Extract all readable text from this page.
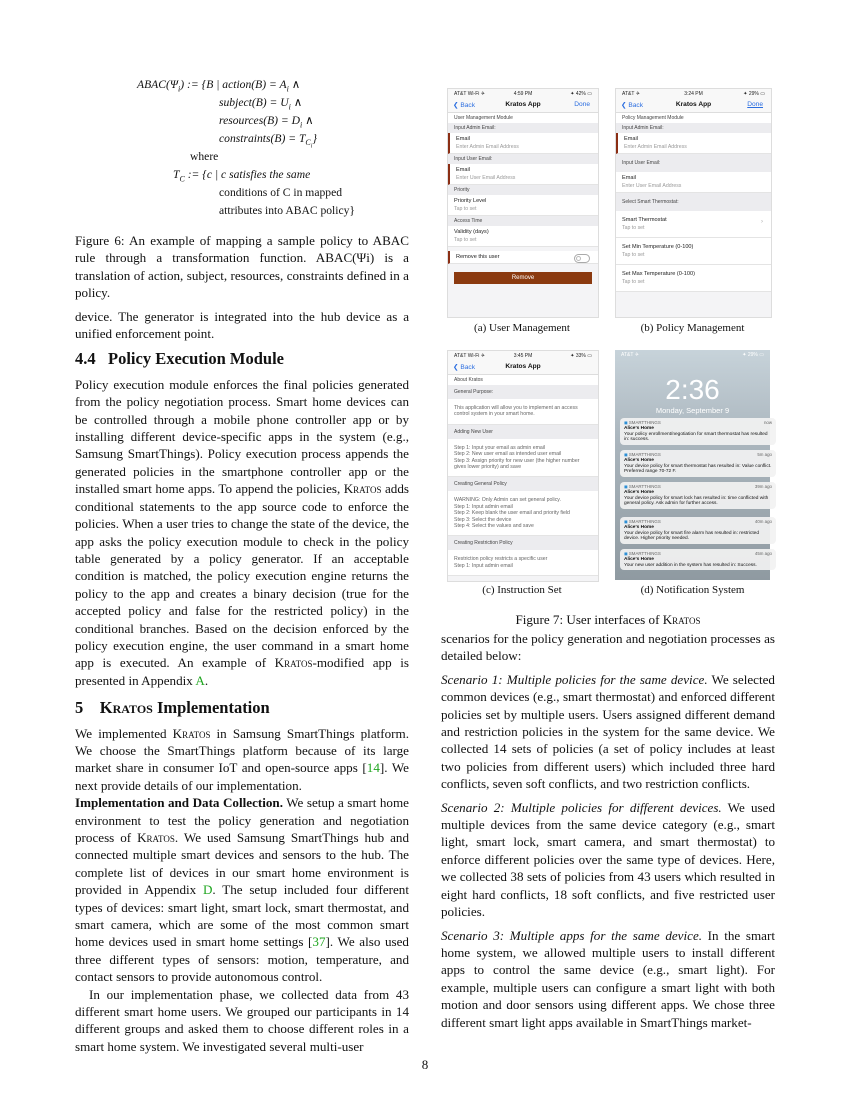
$ABAC(\Psi_i)$ := {B | action(B) = $A_i$ ∧
subject(B) = $U_i$ ∧
resources(B) = $D_i$ ∧
constraints(B) = $T_{C_i}$}
where
$T_C$ := {c | c satisfies the same
conditions of C in mapped
attributes into ABAC policy}

Figure 6: An example of mapping a sample policy to ABAC rule through a transformation function. ABAC(Ψi) is a translation of action, subject, resources, constraints defined in a policy.

device. The generator is integrated into the hub device as a unified enforcement point.

4.4 Policy Execution Module

Policy execution module enforces the final policies generated from the policy negotiation process. Smart home devices can be controlled through a mobile phone controller app or by installing different device-specific apps in the system (e.g., Samsung SmartThings). Policy execution process appends the generated policies in the smartphone controller app or the installed smart home apps. To append the policies, Kratos adds conditional statements to the app source code to enforce the policies. When a user tries to change the state of the device, the app asks the policy execution module to check in the policy table generated by a policy generator. If an acceptable condition is matched, the policy execution engine returns the policy to the app and creates a binary decision (true for the accepted policy and false for the restricted policy) in the conditional branches. Based on the decision enforced by the policy execution engine, the user command in a smart home app is executed. An example of Kratos-modified app is presented in Appendix A.

5 Kratos Implementation

We implemented Kratos in Samsung SmartThings platform. We choose the SmartThings platform because of its large market share in consumer IoT and open-source apps [14]. We next provide details of our implementation.

Implementation and Data Collection. We setup a smart home environment to test the policy generation and negotiation process of Kratos. We used Samsung SmartThings hub and connected multiple smart devices and sensors to the hub. The complete list of devices in our smart home environment is provided in Appendix D. The setup included four different types of devices: smart light, smart lock, smart thermostat, and smart camera, which are some of the most common smart home devices used in smart home settings [37]. We also used three different types of sensors: motion, temperature, and contact sensors to provide autonomous control.

In our implementation phase, we collected data from 43 different smart home users. We grouped our participants in 14 different groups and asked them to choose different roles in a smart home system. We investigated several multi-user

AT&T Wi-Fi ✈	4:59 PM	✦ 42% ▭
❮ Back	Kratos App	Done
User Management Module
Input Admin Email:
Email
Enter Admin Email Address
Input User Email:
Email
Enter User Email Address
Priority
Priority Level
Tap to set
Access Time
Validity (days)
Tap to set
Remove this user
Remove
(a) User Management
AT&T ✈	3:24 PM	✦ 29% ▭
❮ Back	Kratos App	Done
Policy Management Module
Input Admin Email:
Email
Enter Admin Email Address
Input User Email:
Email
Enter User Email Address
Select Smart Thermostat:
Smart Thermostat
Tap to set
›
Set Min Temperature (0-100)
Tap to set
Set Max Temperature (0-100)
Tap to set
(b) Policy Management
AT&T Wi-Fi ✈	3:45 PM	✦ 33% ▭
❮ Back	Kratos App
About Kratos
General Purpose:
This application will allow you to implement an access control system in your smart home.
Adding New User
Step 1: Input your email as admin email
Step 2: New user email as intended user email
Step 3: Assign priority for new user (the higher number gives lower priority) and save
Creating General Policy
WARNING: Only Admin can set general policy.
Step 1: Input admin email
Step 2: Keep blank the user email and priority field
Step 3: Select the device
Step 4: Select the values and save
Creating Restriction Policy
Restriction policy restricts a specific user
Step 1: Input admin email
(c) Instruction Set
AT&T ✈	✦ 29% ▭
2:36
Monday, September 9
◼ SMARTTHINGS	now
Alice's Home
Your policy enrollment/negotiation for smart thermostat has resulted in: success.
◼ SMARTTHINGS	5m ago
Alice's Home
Your device policy for smart thermostat has resulted in: Value conflict. Preferred range 70-72 F.
◼ SMARTTHINGS	39m ago
Alice's Home
Your device policy for smart lock has resulted in: time conflicted with general policy. Ask admin for further access.
◼ SMARTTHINGS	40m ago
Alice's Home
Your device policy for smart fire alarm has resulted in: restricted device. Higher priority needed.
◼ SMARTTHINGS	45m ago
Alice's Home
Your new user addition in the system has resulted in: Success.
(d) Notification System
Figure 7: User interfaces of Kratos

scenarios for the policy generation and negotiation processes as detailed below:

Scenario 1: Multiple policies for the same device. We selected common devices (e.g., smart thermostat) and enforced different policies set by multiple users. Users assigned different demand and restriction policies in the system for the same device. We collected 14 sets of policies (a set of policy includes at least two policies from different users) which included three hard conflicts, seven soft conflicts, and two restriction conflicts.

Scenario 2: Multiple policies for different devices. We used multiple devices from the same device category (e.g., smart light, smart lock, smart camera, and smart thermostat) to enforce different policies over the same type of devices. Here, we collected 38 sets of policies from 43 users which resulted in eight hard conflicts, 18 soft conflicts, and five restricted user policies.

Scenario 3: Multiple apps for the same device. In the smart home system, we allowed multiple users to install different apps to control the same device (e.g., smart light). For example, multiple users can configure a smart light with both motion and door sensors using different apps. We chose three different smart light apps available in SmartThings market-

8
